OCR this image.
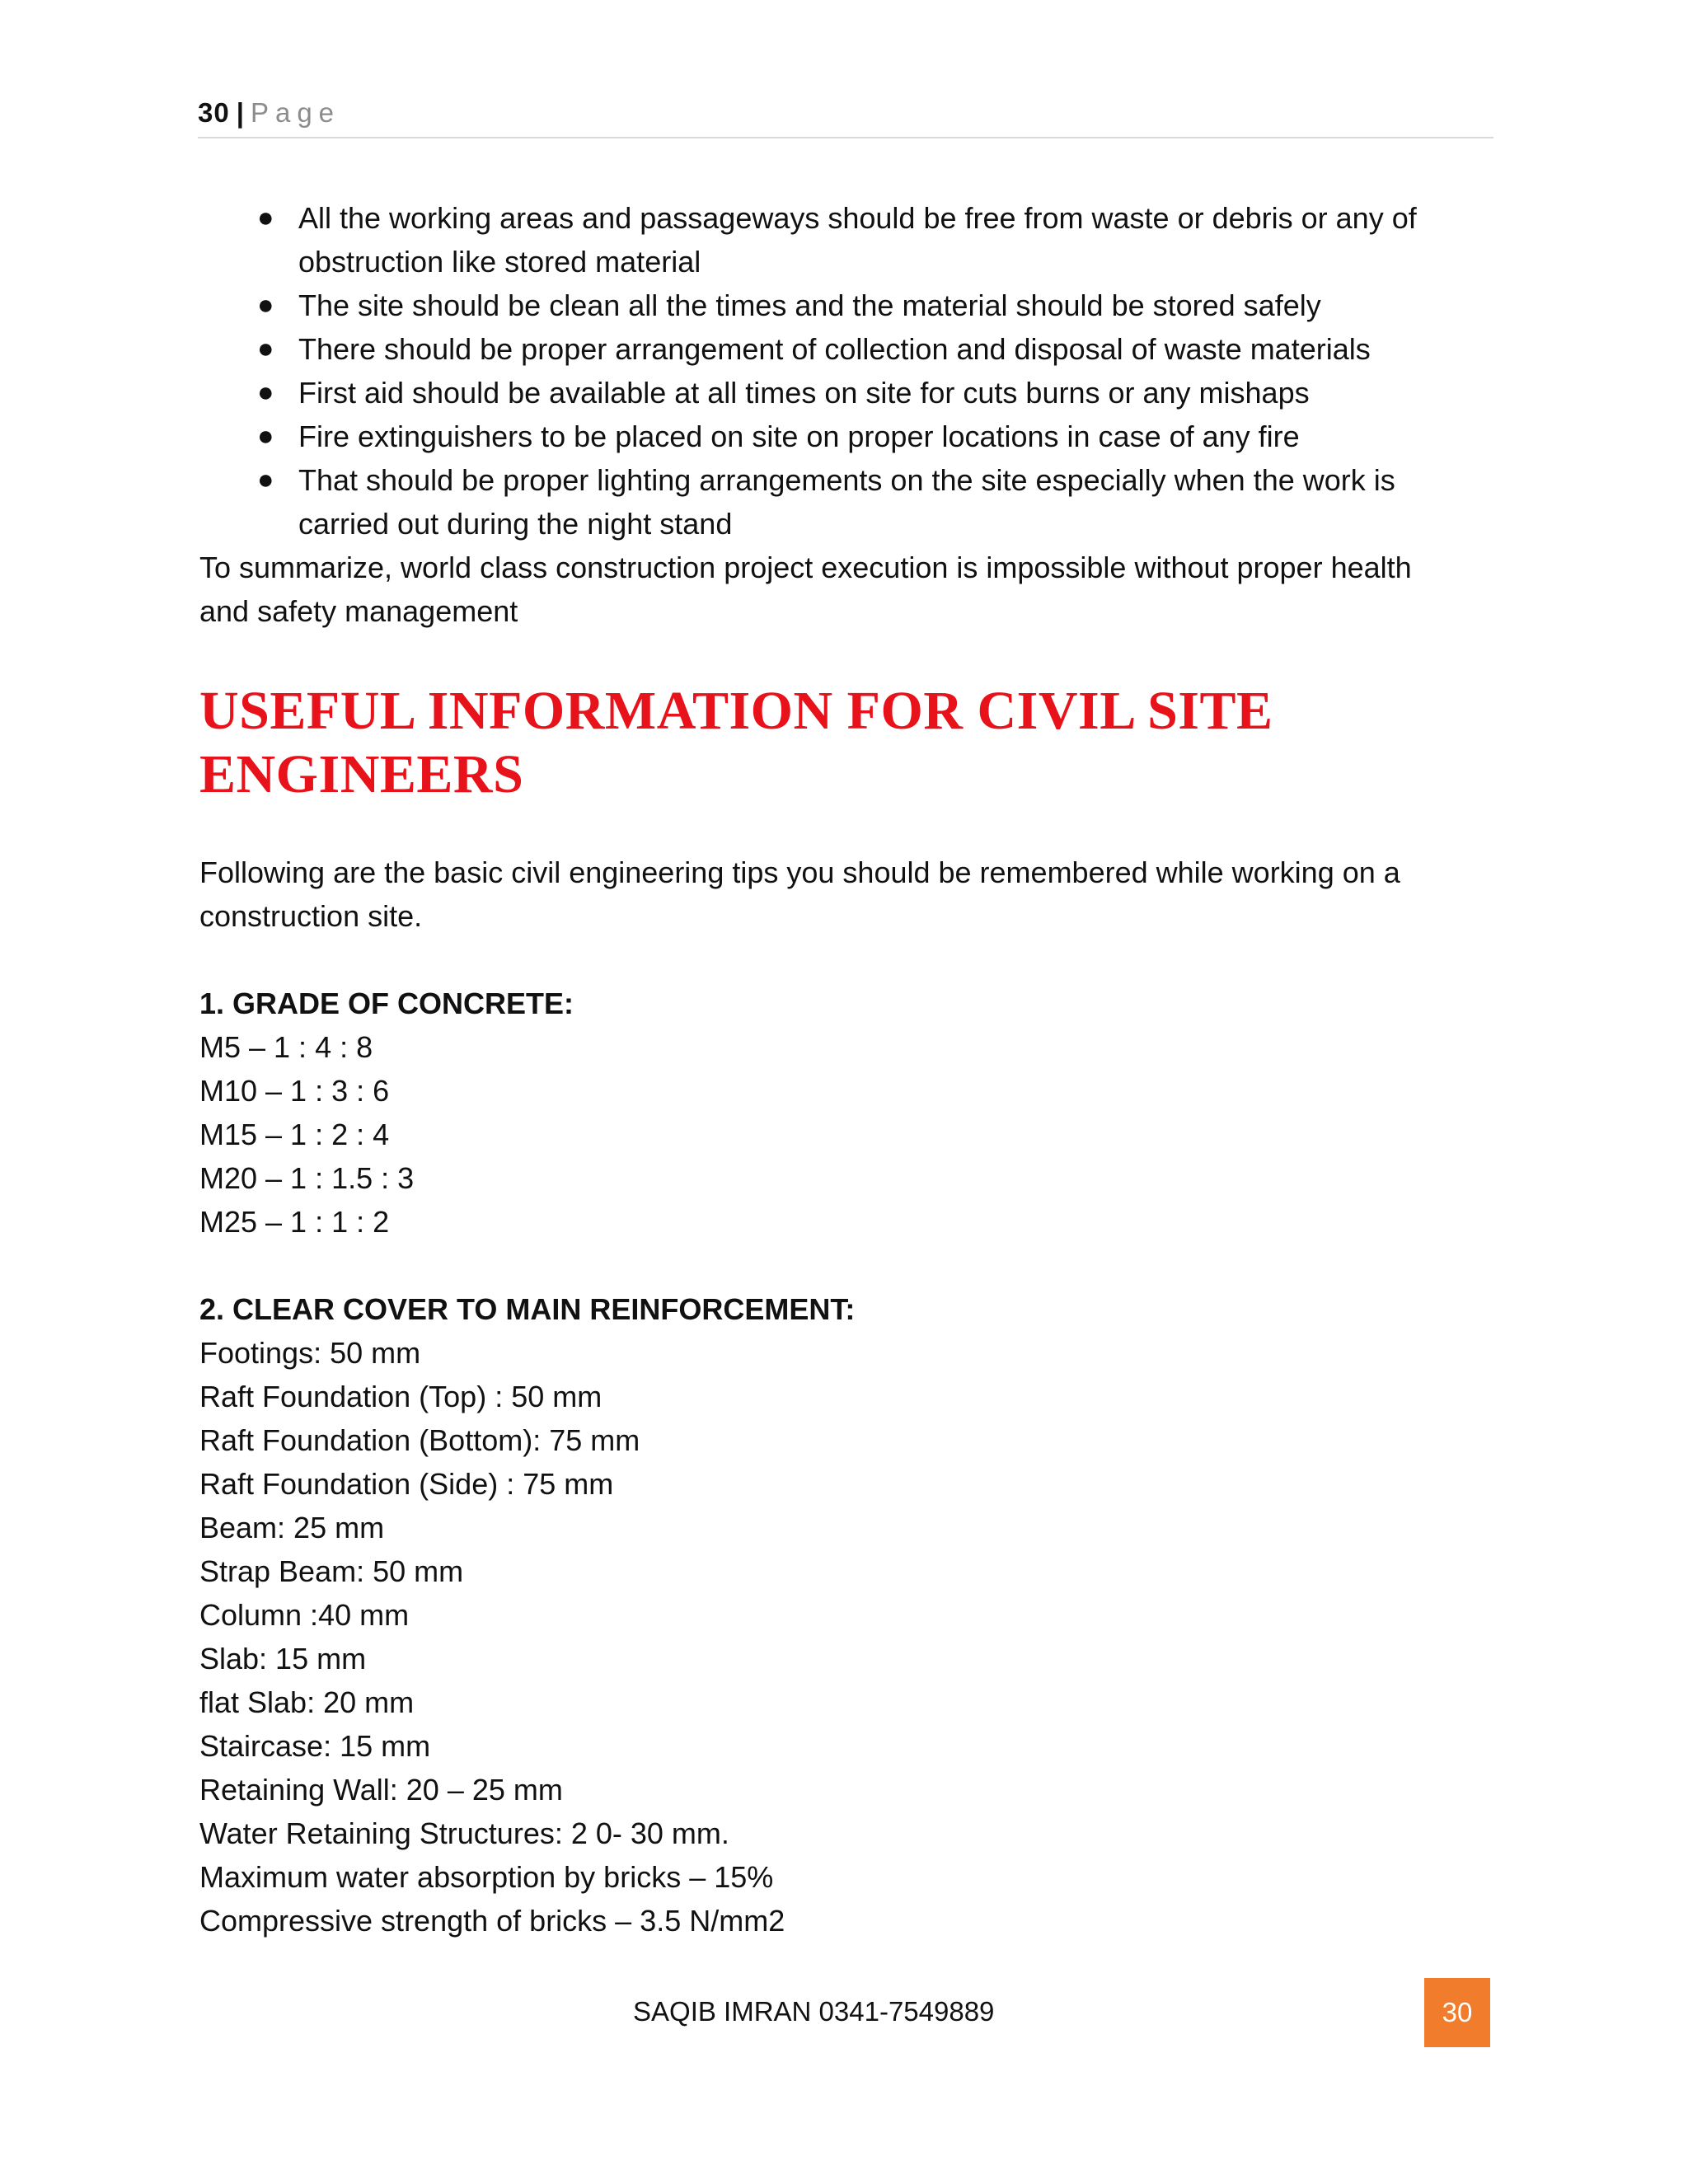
30 | Page
● All the working areas and passageways should be free from waste or debris or any of
obstruction like stored material
● The site should be clean all the times and the material should be stored safely
● There should be proper arrangement of collection and disposal of waste materials
● First aid should be available at all times on site for cuts burns or any mishaps
● Fire extinguishers to be placed on site on proper locations in case of any fire
● That should be proper lighting arrangements on the site especially when the work is
carried out during the night stand
To summarize, world class construction project execution is impossible without proper health
and safety management
USEFUL INFORMATION FOR CIVIL SITE
ENGINEERS
Following are the basic civil engineering tips you should be remembered while working on a
construction site.
1. GRADE OF CONCRETE:
M5 – 1 : 4 : 8
M10 – 1 : 3 : 6
M15 – 1 : 2 : 4
M20 – 1 : 1.5 : 3
M25 – 1 : 1 : 2
2. CLEAR COVER TO MAIN REINFORCEMENT:
Footings: 50 mm
Raft Foundation (Top) : 50 mm
Raft Foundation (Bottom): 75 mm
Raft Foundation (Side) : 75 mm
Beam: 25 mm
Strap Beam: 50 mm
Column :40 mm
Slab: 15 mm
flat Slab: 20 mm
Staircase: 15 mm
Retaining Wall: 20 – 25 mm
Water Retaining Structures: 2 0- 30 mm.
Maximum water absorption by bricks – 15%
Compressive strength of bricks – 3.5 N/mm2
SAQIB IMRAN 0341-7549889	30
